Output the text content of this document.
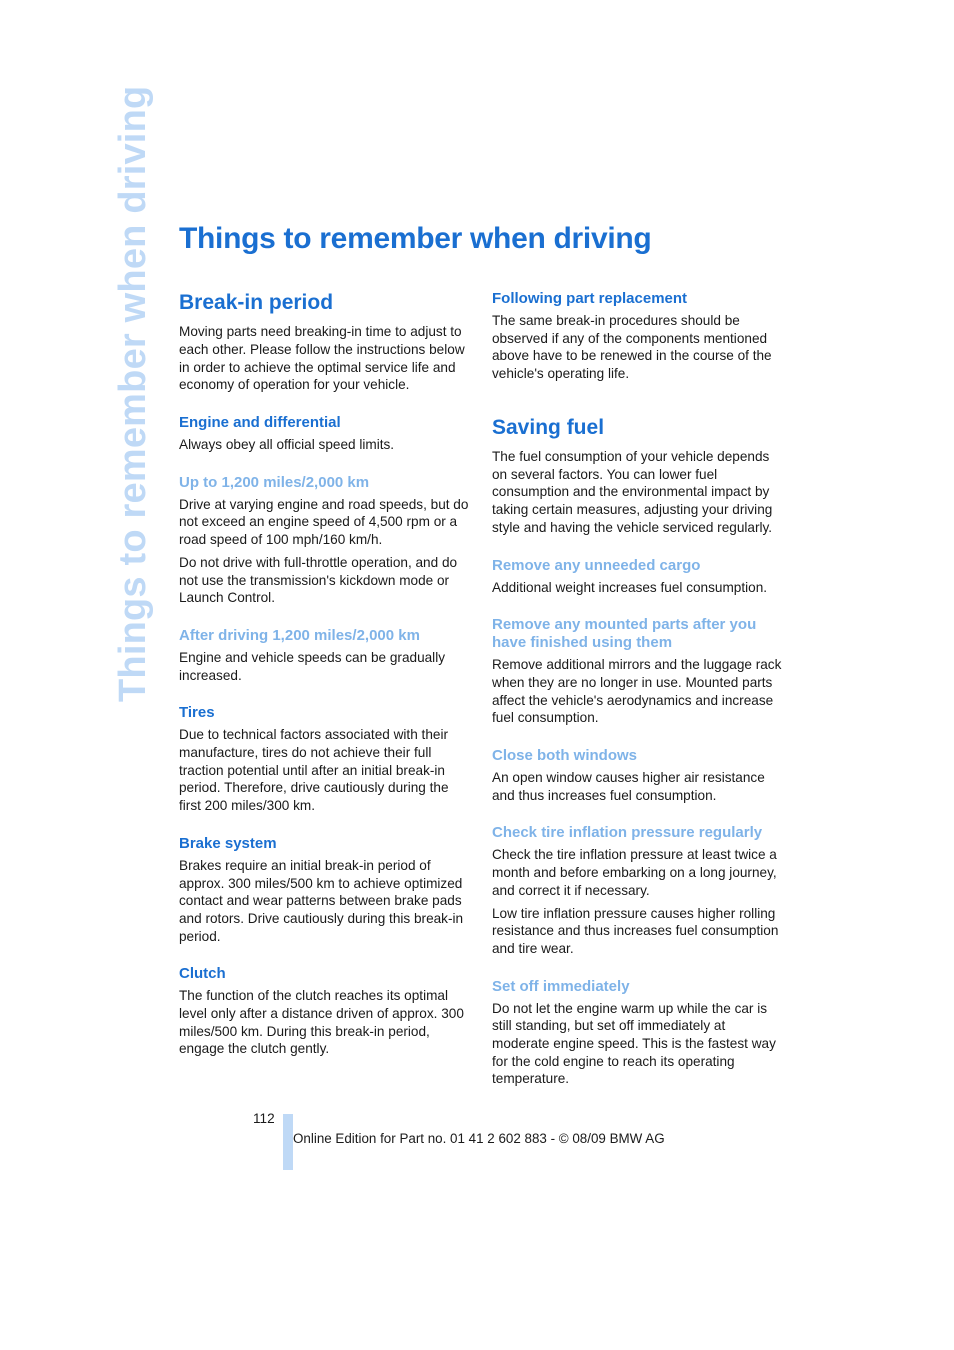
Things to remember when driving Things to remember when driving
Break-in period

Moving parts need breaking-in time to adjust to each other. Please follow the instructions below in order to achieve the optimal service life and economy of operation for your vehicle.

Engine and differential

Always obey all official speed limits.

Up to 1,200 miles/2,000 km

Drive at varying engine and road speeds, but do not exceed an engine speed of 4,500 rpm or a road speed of 100 mph/160 km/h.

Do not drive with full-throttle operation, and do not use the transmission's kickdown mode or Launch Control.

After driving 1,200 miles/2,000 km

Engine and vehicle speeds can be gradually increased.

Tires

Due to technical factors associated with their manufacture, tires do not achieve their full traction potential until after an initial break-in period. Therefore, drive cautiously during the first 200 miles/300 km.

Brake system

Brakes require an initial break-in period of approx. 300 miles/500 km to achieve optimized contact and wear patterns between brake pads and rotors. Drive cautiously during this break-in period.

Clutch

The function of the clutch reaches its optimal level only after a distance driven of approx. 300 miles/500 km. During this break-in period, engage the clutch gently.

Following part replacement

The same break-in procedures should be observed if any of the components mentioned above have to be renewed in the course of the vehicle's operating life.

Saving fuel

The fuel consumption of your vehicle depends on several factors. You can lower fuel consumption and the environmental impact by taking certain measures, adjusting your driving style and having the vehicle serviced regularly.

Remove any unneeded cargo

Additional weight increases fuel consumption.

Remove any mounted parts after you have finished using them

Remove additional mirrors and the luggage rack when they are no longer in use. Mounted parts affect the vehicle's aerodynamics and increase fuel consumption.

Close both windows

An open window causes higher air resistance and thus increases fuel consumption.

Check tire inflation pressure regularly

Check the tire inflation pressure at least twice a month and before embarking on a long journey, and correct it if necessary.

Low tire inflation pressure causes higher rolling resistance and thus increases fuel consumption and tire wear.

Set off immediately

Do not let the engine warm up while the car is still standing, but set off immediately at moderate engine speed. This is the fastest way for the cold engine to reach its operating temperature.

112
Online Edition for Part no. 01 41 2 602 883 - © 08/09 BMW AG
